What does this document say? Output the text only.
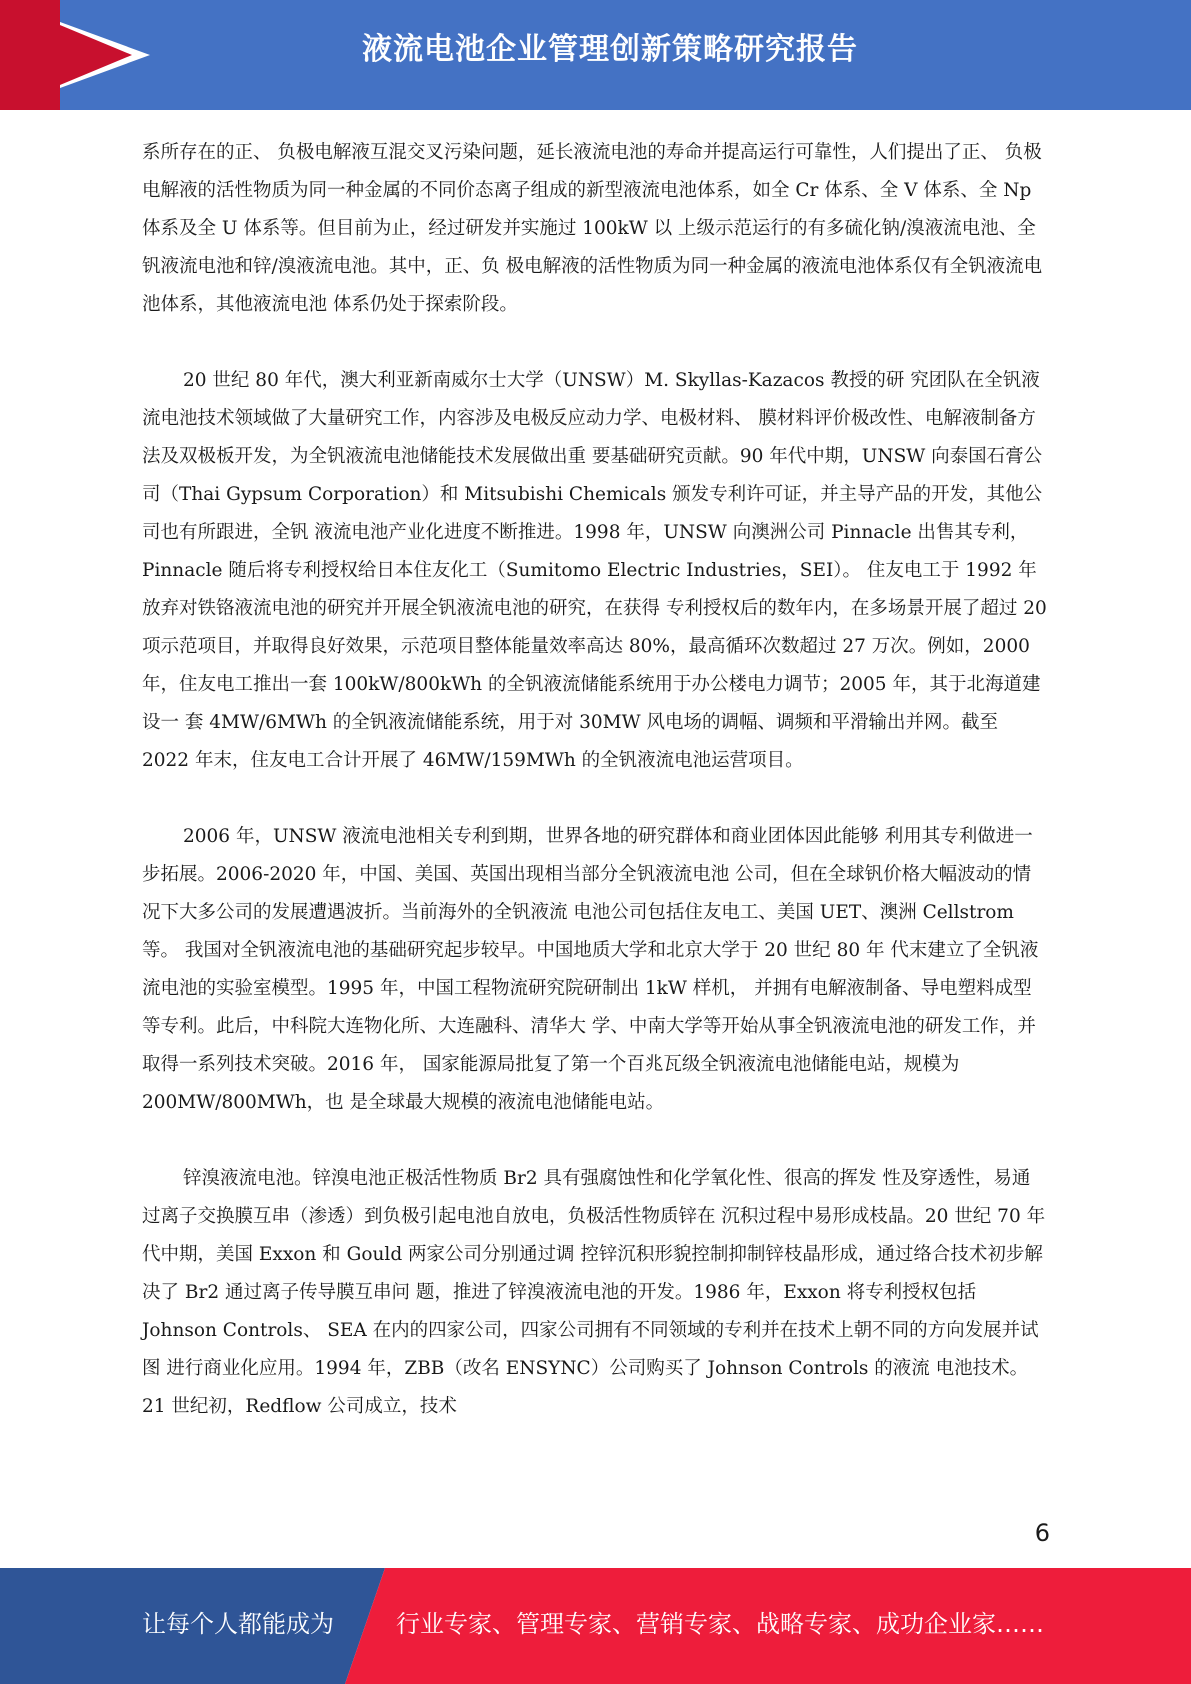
液流电池企业管理创新策略研究报告

系所存在的正、 负极电解液互混交叉污染问题，延长液流电池的寿命并提高运行可靠性，人们提出了正、 负极电解液的活性物质为同一种金属的不同价态离子组成的新型液流电池体系，如全 Cr 体系、全 V 体系、全 Np 体系及全 U 体系等。但目前为止，经过研发并实施过 100kW 以 上级示范运行的有多硫化钠/溴液流电池、全钒液流电池和锌/溴液流电池。其中，正、负 极电解液的活性物质为同一种金属的液流电池体系仅有全钒液流电池体系，其他液流电池 体系仍处于探索阶段。

20 世纪 80 年代，澳大利亚新南威尔士大学（UNSW）M. Skyllas-Kazacos 教授的研 究团队在全钒液流电池技术领域做了大量研究工作，内容涉及电极反应动力学、电极材料、 膜材料评价极改性、电解液制备方法及双极板开发，为全钒液流电池储能技术发展做出重 要基础研究贡献。90 年代中期，UNSW 向泰国石膏公司（Thai Gypsum Corporation）和 Mitsubishi Chemicals 颁发专利许可证，并主导产品的开发，其他公司也有所跟进，全钒 液流电池产业化进度不断推进。1998 年，UNSW 向澳洲公司 Pinnacle 出售其专利，Pinnacle 随后将专利授权给日本住友化工（Sumitomo Electric Industries，SEI）。 住友电工于 1992 年放弃对铁铬液流电池的研究并开展全钒液流电池的研究，在获得 专利授权后的数年内，在多场景开展了超过 20 项示范项目，并取得良好效果，示范项目整体能量效率高达 80%，最高循环次数超过 27 万次。例如，2000 年，住友电工推出一套 100kW/800kWh 的全钒液流储能系统用于办公楼电力调节；2005 年，其于北海道建设一 套 4MW/6MWh 的全钒液流储能系统，用于对 30MW 风电场的调幅、调频和平滑输出并网。截至 2022 年末，住友电工合计开展了 46MW/159MWh 的全钒液流电池运营项目。

2006 年，UNSW 液流电池相关专利到期，世界各地的研究群体和商业团体因此能够 利用其专利做进一步拓展。2006-2020 年，中国、美国、英国出现相当部分全钒液流电池 公司，但在全球钒价格大幅波动的情况下大多公司的发展遭遇波折。当前海外的全钒液流 电池公司包括住友电工、美国 UET、澳洲 Cellstrom 等。 我国对全钒液流电池的基础研究起步较早。中国地质大学和北京大学于 20 世纪 80 年 代末建立了全钒液流电池的实验室模型。1995 年，中国工程物流研究院研制出 1kW 样机， 并拥有电解液制备、导电塑料成型等专利。此后，中科院大连物化所、大连融科、清华大 学、中南大学等开始从事全钒液流电池的研发工作，并取得一系列技术突破。2016 年， 国家能源局批复了第一个百兆瓦级全钒液流电池储能电站，规模为 200MW/800MWh，也 是全球最大规模的液流电池储能电站。

锌溴液流电池。锌溴电池正极活性物质 Br2 具有强腐蚀性和化学氧化性、很高的挥发 性及穿透性，易通过离子交换膜互串（渗透）到负极引起电池自放电，负极活性物质锌在 沉积过程中易形成枝晶。20 世纪 70 年代中期，美国 Exxon 和 Gould 两家公司分别通过调 控锌沉积形貌控制抑制锌枝晶形成，通过络合技术初步解决了 Br2 通过离子传导膜互串问 题，推进了锌溴液流电池的开发。1986 年，Exxon 将专利授权包括 Johnson Controls、 SEA 在内的四家公司，四家公司拥有不同领域的专利并在技术上朝不同的方向发展并试图 进行商业化应用。1994 年，ZBB（改名 ENSYNC）公司购买了 Johnson Controls 的液流 电池技术。21 世纪初，Redflow 公司成立，技术

6
让每个人都能成为	行业专家、管理专家、营销专家、战略专家、成功企业家……
